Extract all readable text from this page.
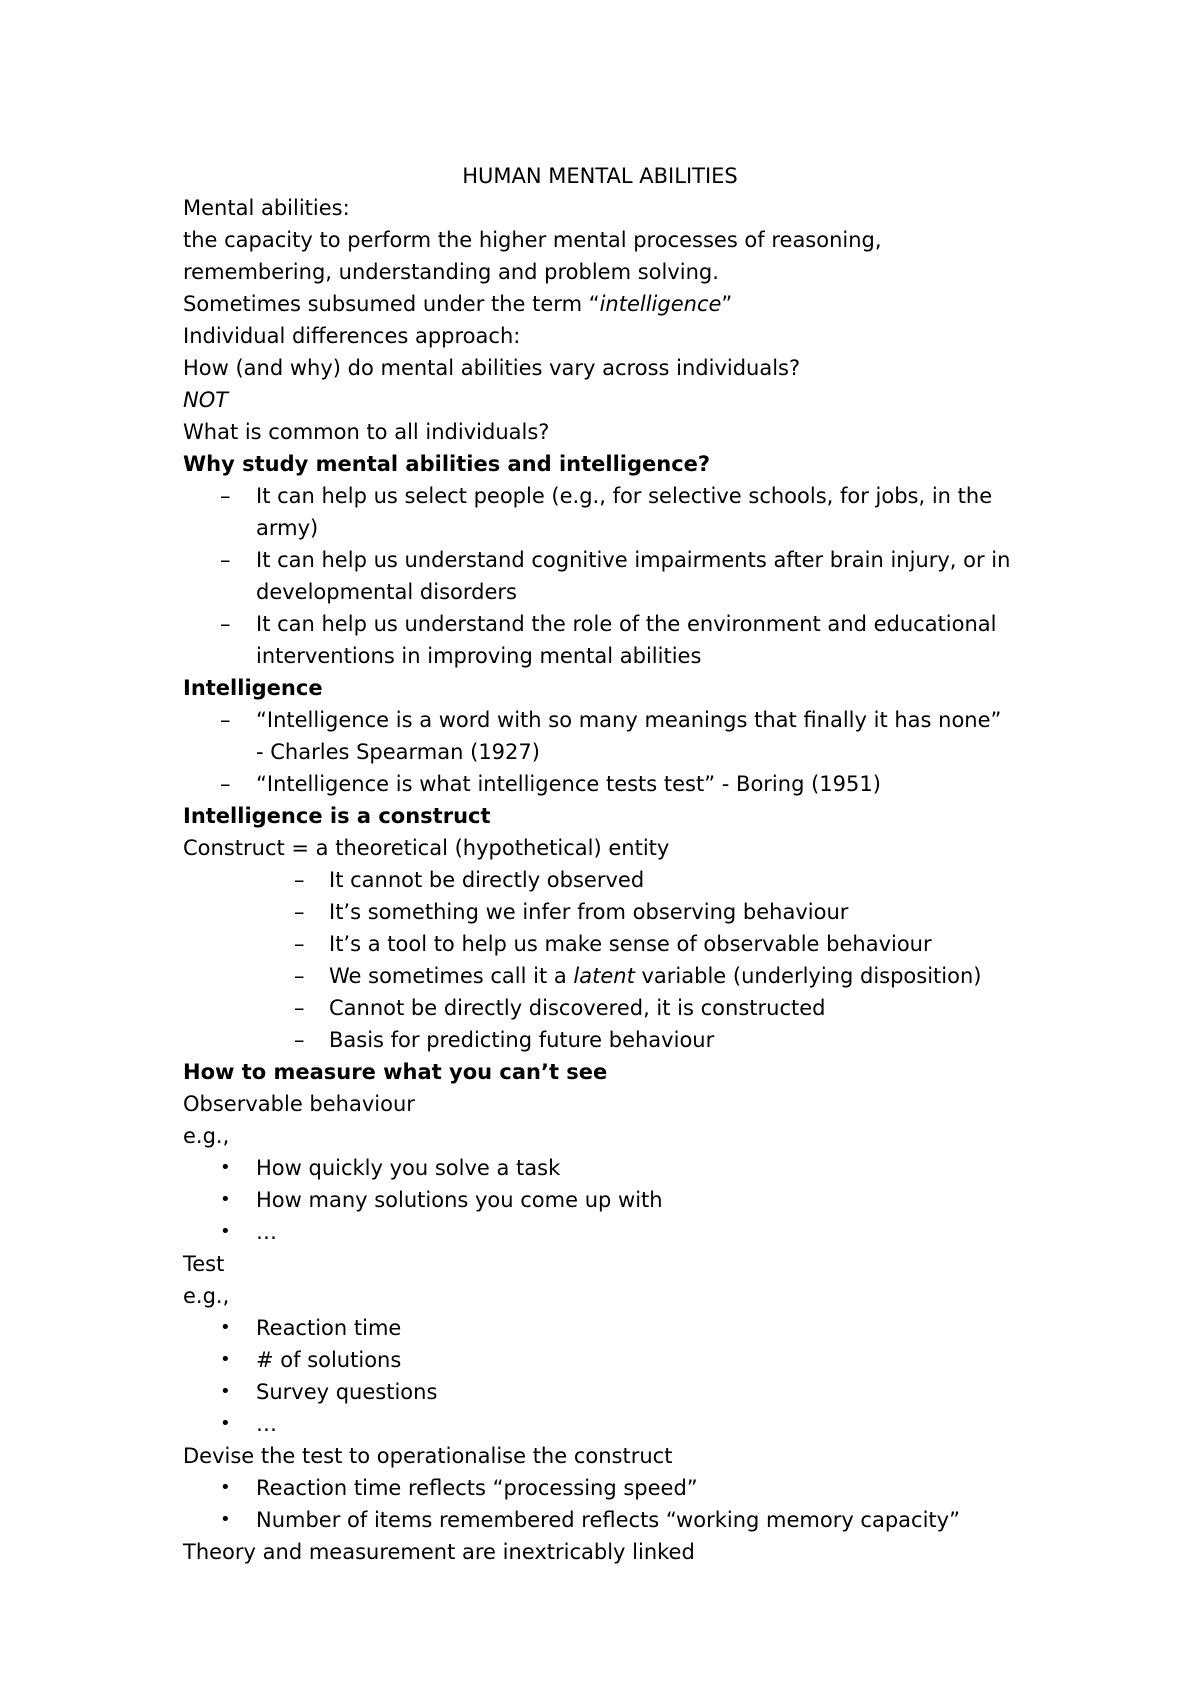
HUMAN MENTAL ABILITIES
Mental abilities:
the capacity to perform the higher mental processes of reasoning,
remembering, understanding and problem solving.
Sometimes subsumed under the term “intelligence”
Individual differences approach:
How (and why) do mental abilities vary across individuals?
NOT
What is common to all individuals?
Why study mental abilities and intelligence?
– It can help us select people (e.g., for selective schools, for jobs, in the
army)
– It can help us understand cognitive impairments after brain injury, or in
developmental disorders
– It can help us understand the role of the environment and educational
interventions in improving mental abilities
Intelligence
– “Intelligence is a word with so many meanings that finally it has none”
- Charles Spearman (1927)
– “Intelligence is what intelligence tests test” - Boring (1951)
Intelligence is a construct
Construct = a theoretical (hypothetical) entity
– It cannot be directly observed
– It’s something we infer from observing behaviour
– It’s a tool to help us make sense of observable behaviour
– We sometimes call it a latent variable (underlying disposition)
– Cannot be directly discovered, it is constructed
– Basis for predicting future behaviour
How to measure what you can’t see
Observable behaviour
e.g.,
• How quickly you solve a task
• How many solutions you come up with
• …
Test
e.g.,
• Reaction time
• # of solutions
• Survey questions
• …
Devise the test to operationalise the construct
• Reaction time reflects “processing speed”
• Number of items remembered reflects “working memory capacity”
Theory and measurement are inextricably linked
